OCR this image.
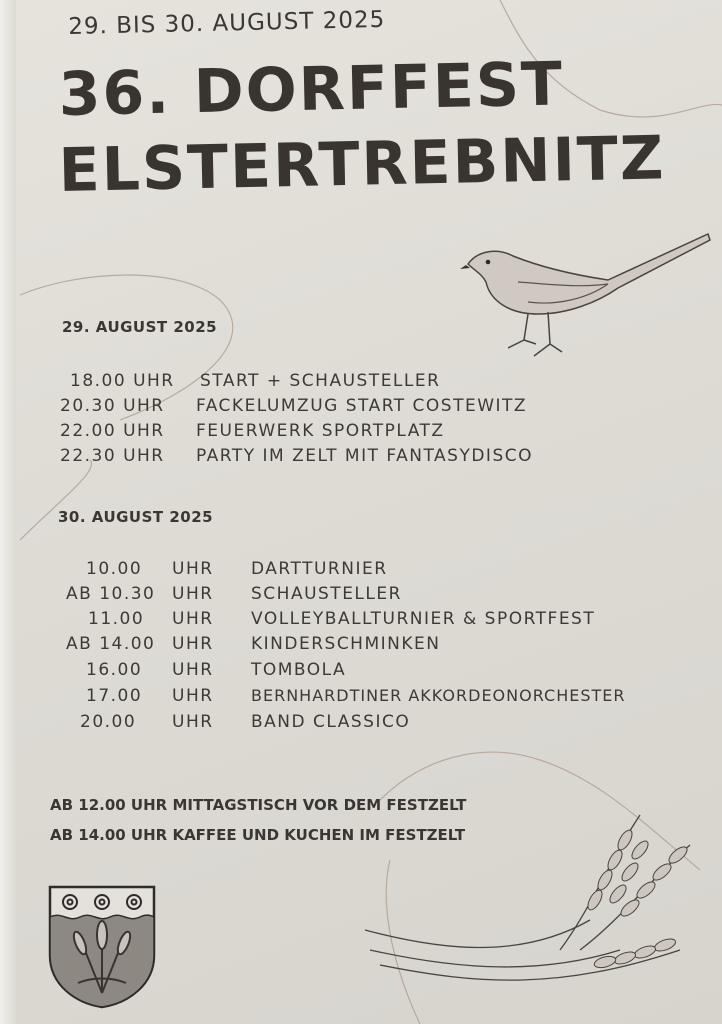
29. BIS 30. AUGUST 2025
36. DORFFEST
ELSTERTREBNITZ
29. AUGUST 2025
18.00 UHR START + SCHAUSTELLER
20.30 UHR FACKELUMZUG START COSTEWITZ
22.00 UHR FEUERWERK SPORTPLATZ
22.30 UHR PARTY IM ZELT MIT FANTASYDISCO
30. AUGUST 2025
10.00 UHR DARTTURNIER
AB 10.30 UHR SCHAUSTELLER
11.00 UHR VOLLEYBALLTURNIER & SPORTFEST
AB 14.00 UHR KINDERSCHMINKEN
16.00 UHR TOMBOLA
17.00 UHR BERNHARDTINER AKKORDEONORCHESTER
20.00 UHR BAND CLASSICO
AB 12.00 UHR MITTAGSTISCH VOR DEM FESTZELT
AB 14.00 UHR KAFFEE UND KUCHEN IM FESTZELT
